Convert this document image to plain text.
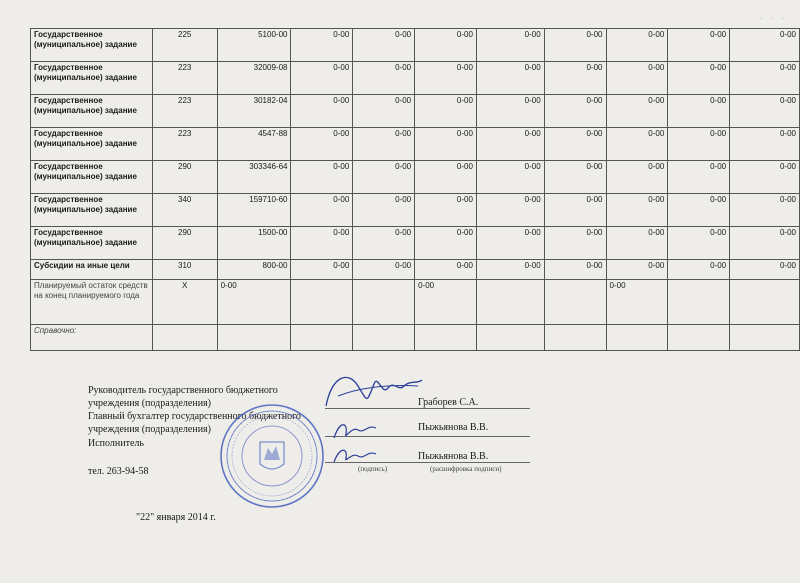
· · ·
Государственное (муниципальное) задание	225	5100-00	0-00	0-00	0-00	0-00	0-00	0-00	0-00	0-00
Государственное (муниципальное) задание	223	32009-08	0-00	0-00	0-00	0-00	0-00	0-00	0-00	0-00
Государственное (муниципальное) задание	223	30182-04	0-00	0-00	0-00	0-00	0-00	0-00	0-00	0-00
Государственное (муниципальное) задание	223	4547-88	0-00	0-00	0-00	0-00	0-00	0-00	0-00	0-00
Государственное (муниципальное) задание	290	303346-64	0-00	0-00	0-00	0-00	0-00	0-00	0-00	0-00
Государственное (муниципальное) задание	340	159710-60	0-00	0-00	0-00	0-00	0-00	0-00	0-00	0-00
Государственное (муниципальное) задание	290	1500-00	0-00	0-00	0-00	0-00	0-00	0-00	0-00	0-00
Субсидии на иные цели	310	800-00	0-00	0-00	0-00	0-00	0-00	0-00	0-00	0-00
Планируемый остаток средств на конец планируемого года	X	0-00			0-00			0-00		
Справочно:										
Руководитель государственного бюджетного
учреждения (подразделения)
Главный бухгалтер государственного бюджетного
учреждения (подразделения)
Исполнитель
тел. 263-94-58
"22" января 2014 г.
Граборев С.А.
Пыжьянова В.В.
Пыжьянова В.В.
(подпись)	(расшифровка подписи)
